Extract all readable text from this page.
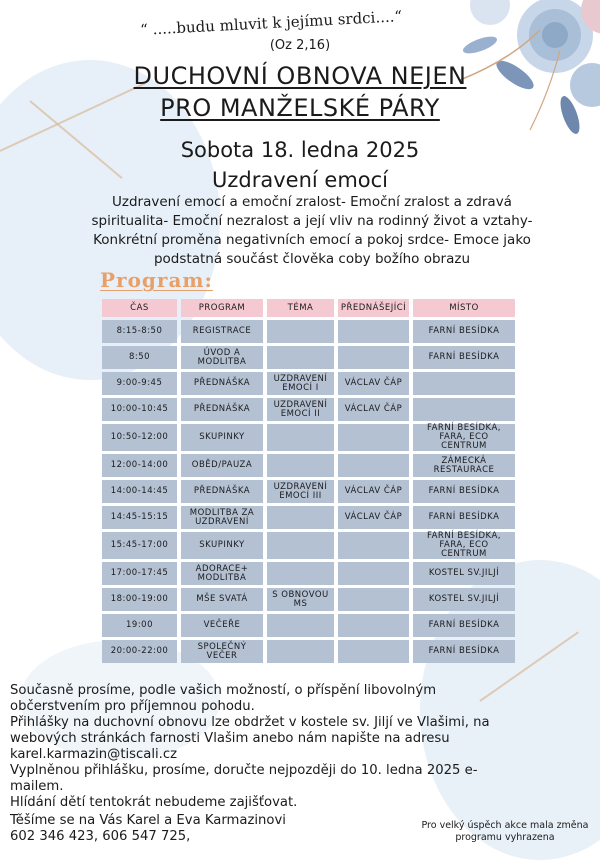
“ .....budu mluvit k jejímu srdci....“
(Oz 2,16)
DUCHOVNÍ OBNOVA NEJEN
PRO MANŽELSKÉ PÁRY
Sobota 18. ledna 2025
Uzdravení emocí
Uzdravení emocí a emoční zralost- Emoční zralost a zdravá spiritualita- Emoční nezralost a její vliv na rodinný život a vztahy- Konkrétní proměna negativních emocí a pokoj srdce- Emoce jako podstatná součást člověka coby božího obrazu
Program:
ČAS	PROGRAM	TÉMA	PŘEDNÁŠEJÍCÍ	MÍSTO
8:15-8:50	REGISTRACE			FARNÍ BESÍDKA
8:50	ÚVOD A MODLITBA			FARNÍ BESÍDKA
9:00-9:45	PŘEDNÁŠKA	UZDRAVENÍ EMOCÍ I	VÁCLAV ČÁP	
10:00-10:45	PŘEDNÁŠKA	UZDRAVENÍ EMOCÍ II	VÁCLAV ČÁP	
10:50-12:00	SKUPINKY			FARNÍ BESÍDKA, FARA, ECO CENTRUM
12:00-14:00	OBĚD/PAUZA			ZÁMECKÁ RESTAURACE
14:00-14:45	PŘEDNÁŠKA	UZDRAVENÍ EMOCÍ III	VÁCLAV ČÁP	FARNÍ BESÍDKA
14:45-15:15	MODLITBA ZA UZDRAVENÍ		VÁCLAV ČÁP	FARNÍ BESÍDKA
15:45-17:00	SKUPINKY			FARNÍ BESÍDKA, FARA, ECO CENTRUM
17:00-17:45	ADORACE+ MODLITBA			KOSTEL SV.JILJÍ
18:00-19:00	MŠE SVATÁ	S OBNOVOU MS		KOSTEL SV.JILJÍ
19:00	VEČEŘE			FARNÍ BESÍDKA
20:00-22:00	SPOLEČNÝ VEČER			FARNÍ BESÍDKA

Současně prosíme, podle vašich možností, o příspění libovolným občerstvením pro příjemnou pohodu.

Přihlášky na duchovní obnovu lze obdržet v kostele sv. Jiljí ve Vlašimi, na webových stránkách farnosti Vlašim anebo nám napište na adresu

karel.karmazin@tiscali.cz

Vyplněnou přihlášku, prosíme, doručte nejpozději do 10. ledna 2025 e-mailem.

Hlídání dětí tentokrát nebudeme zajišťovat.

Těšíme se na Vás Karel a Eva Karmazinovi
602 346 423, 606 547 725,
Pro velký úspěch akce mala změna programu vyhrazena
